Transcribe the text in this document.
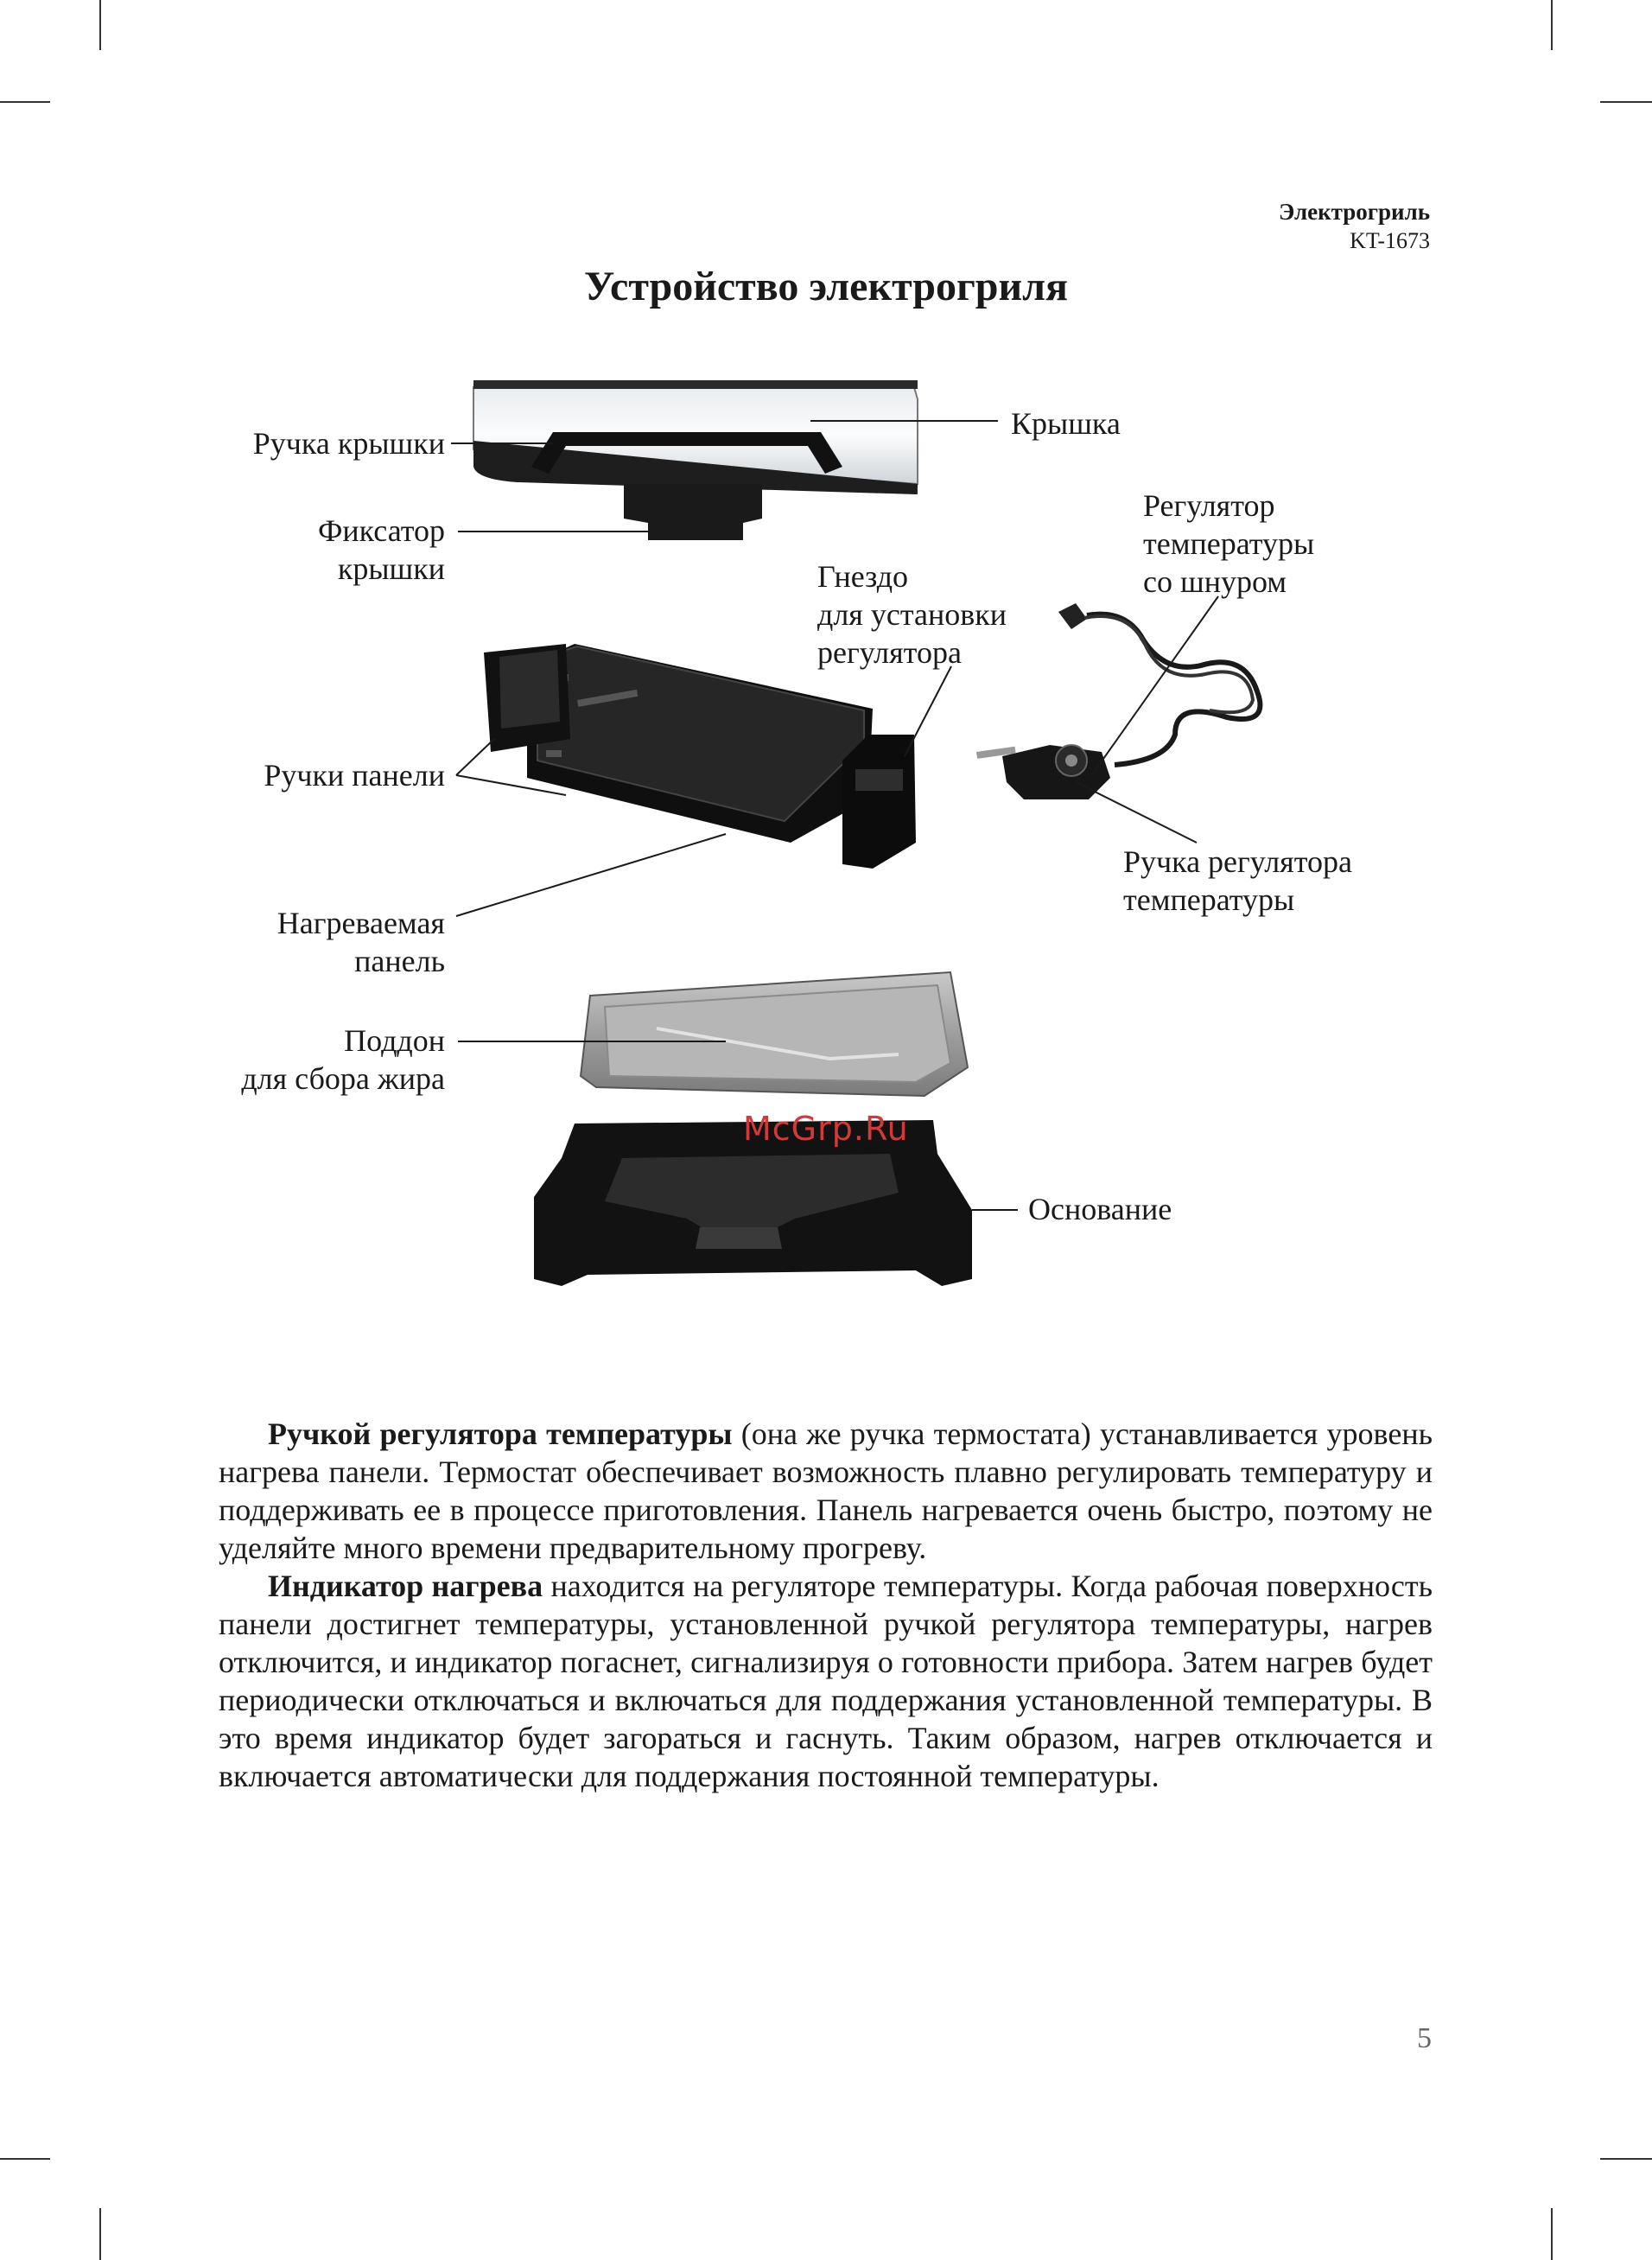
Электрогриль
KT-1673
Устройство электрогриля
Ручка крышки
Крышка
Фиксатор
крышки	Гнездо
для установки
регулятора
Регулятор
температуры
со шнуром
Ручки панели
Ручка регулятора
температуры
Нагреваемая
панель
Поддон
для сбора жира
Основание
McGrp.Ru

Ручкой регулятора температуры (она же ручка термостата) устанавливается уровень нагрева панели. Термостат обеспечивает возможность плавно регулировать температуру и поддерживать ее в процессе приготовления. Панель нагревается очень быстро, поэтому не уделяйте много времени предварительному прогреву.

Индикатор нагрева находится на регуляторе температуры. Когда рабочая поверхность панели достигнет температуры, установленной ручкой регулятора температуры, нагрев отключится, и индикатор погаснет, сигнализируя о готовности прибора. Затем нагрев будет периодически отключаться и включаться для поддержания установленной температуры. В это время индикатор будет загораться и гаснуть. Таким образом, нагрев отключается и включается автоматически для поддержания постоянной температуры.

5
